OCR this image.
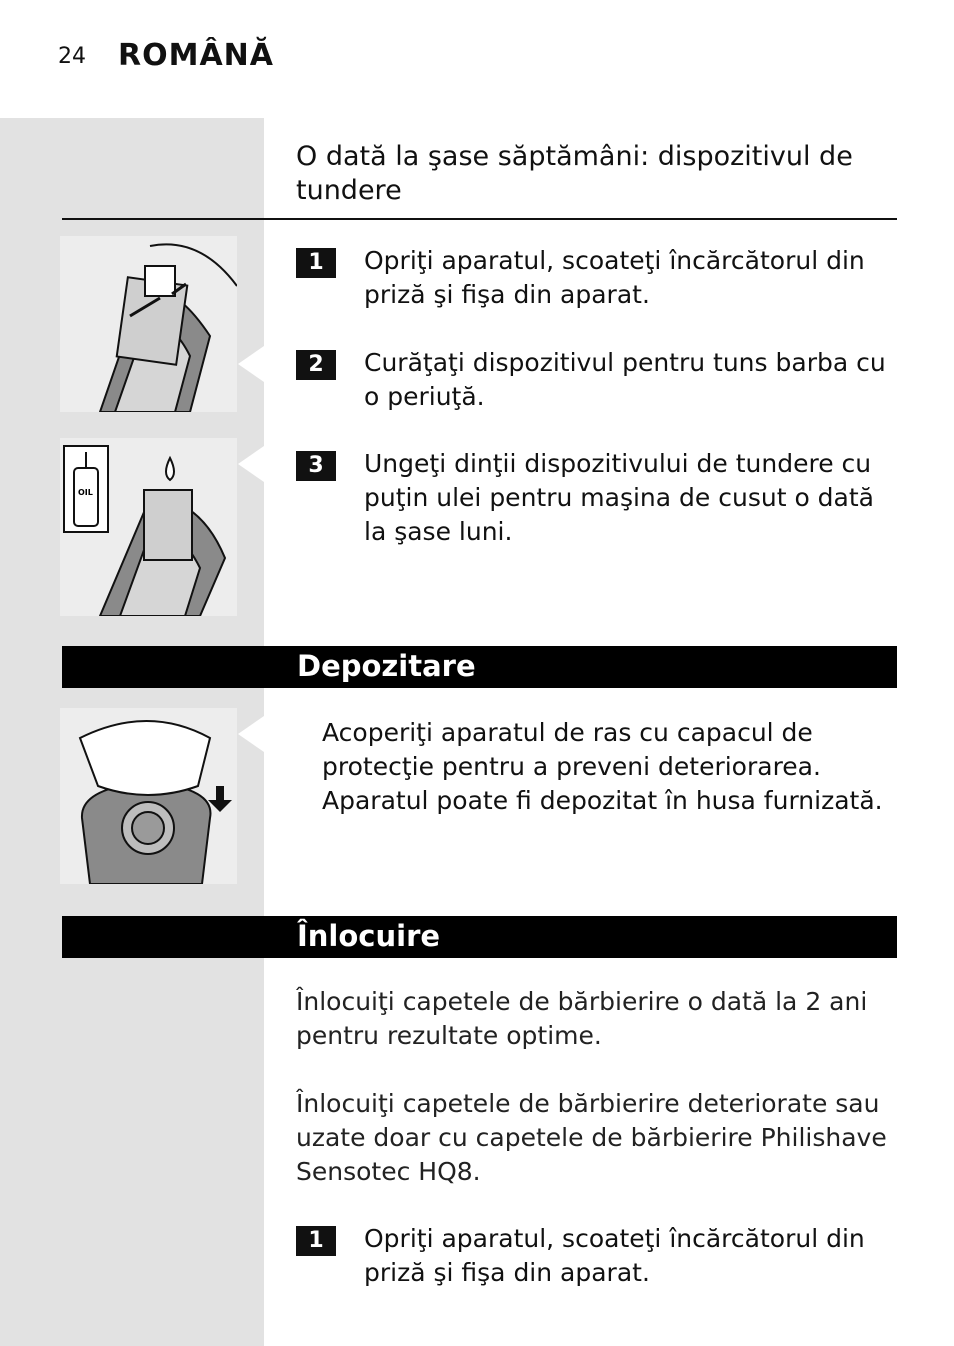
24 ROMÂNĂ
O dată la şase săptămâni: dispozitivul de tundere
OIL
1	Opriţi aparatul, scoateţi încărcătorul din priză şi fişa din aparat.
2	Curăţaţi dispozitivul pentru tuns barba cu o periuţă.
3	Ungeţi dinţii dispozitivului de tundere cu puţin ulei pentru maşina de cusut o dată la şase luni.
Depozitare
Acoperiţi aparatul de ras cu capacul de protecţie pentru a preveni deteriorarea. Aparatul poate fi depozitat în husa furnizată.
Înlocuire
Înlocuiţi capetele de bărbierire o dată la 2 ani pentru rezultate optime.
Înlocuiţi capetele de bărbierire deteriorate sau uzate doar cu capetele de bărbierire Philishave Sensotec HQ8.
1	Opriţi aparatul, scoateţi încărcătorul din priză şi fişa din aparat.
